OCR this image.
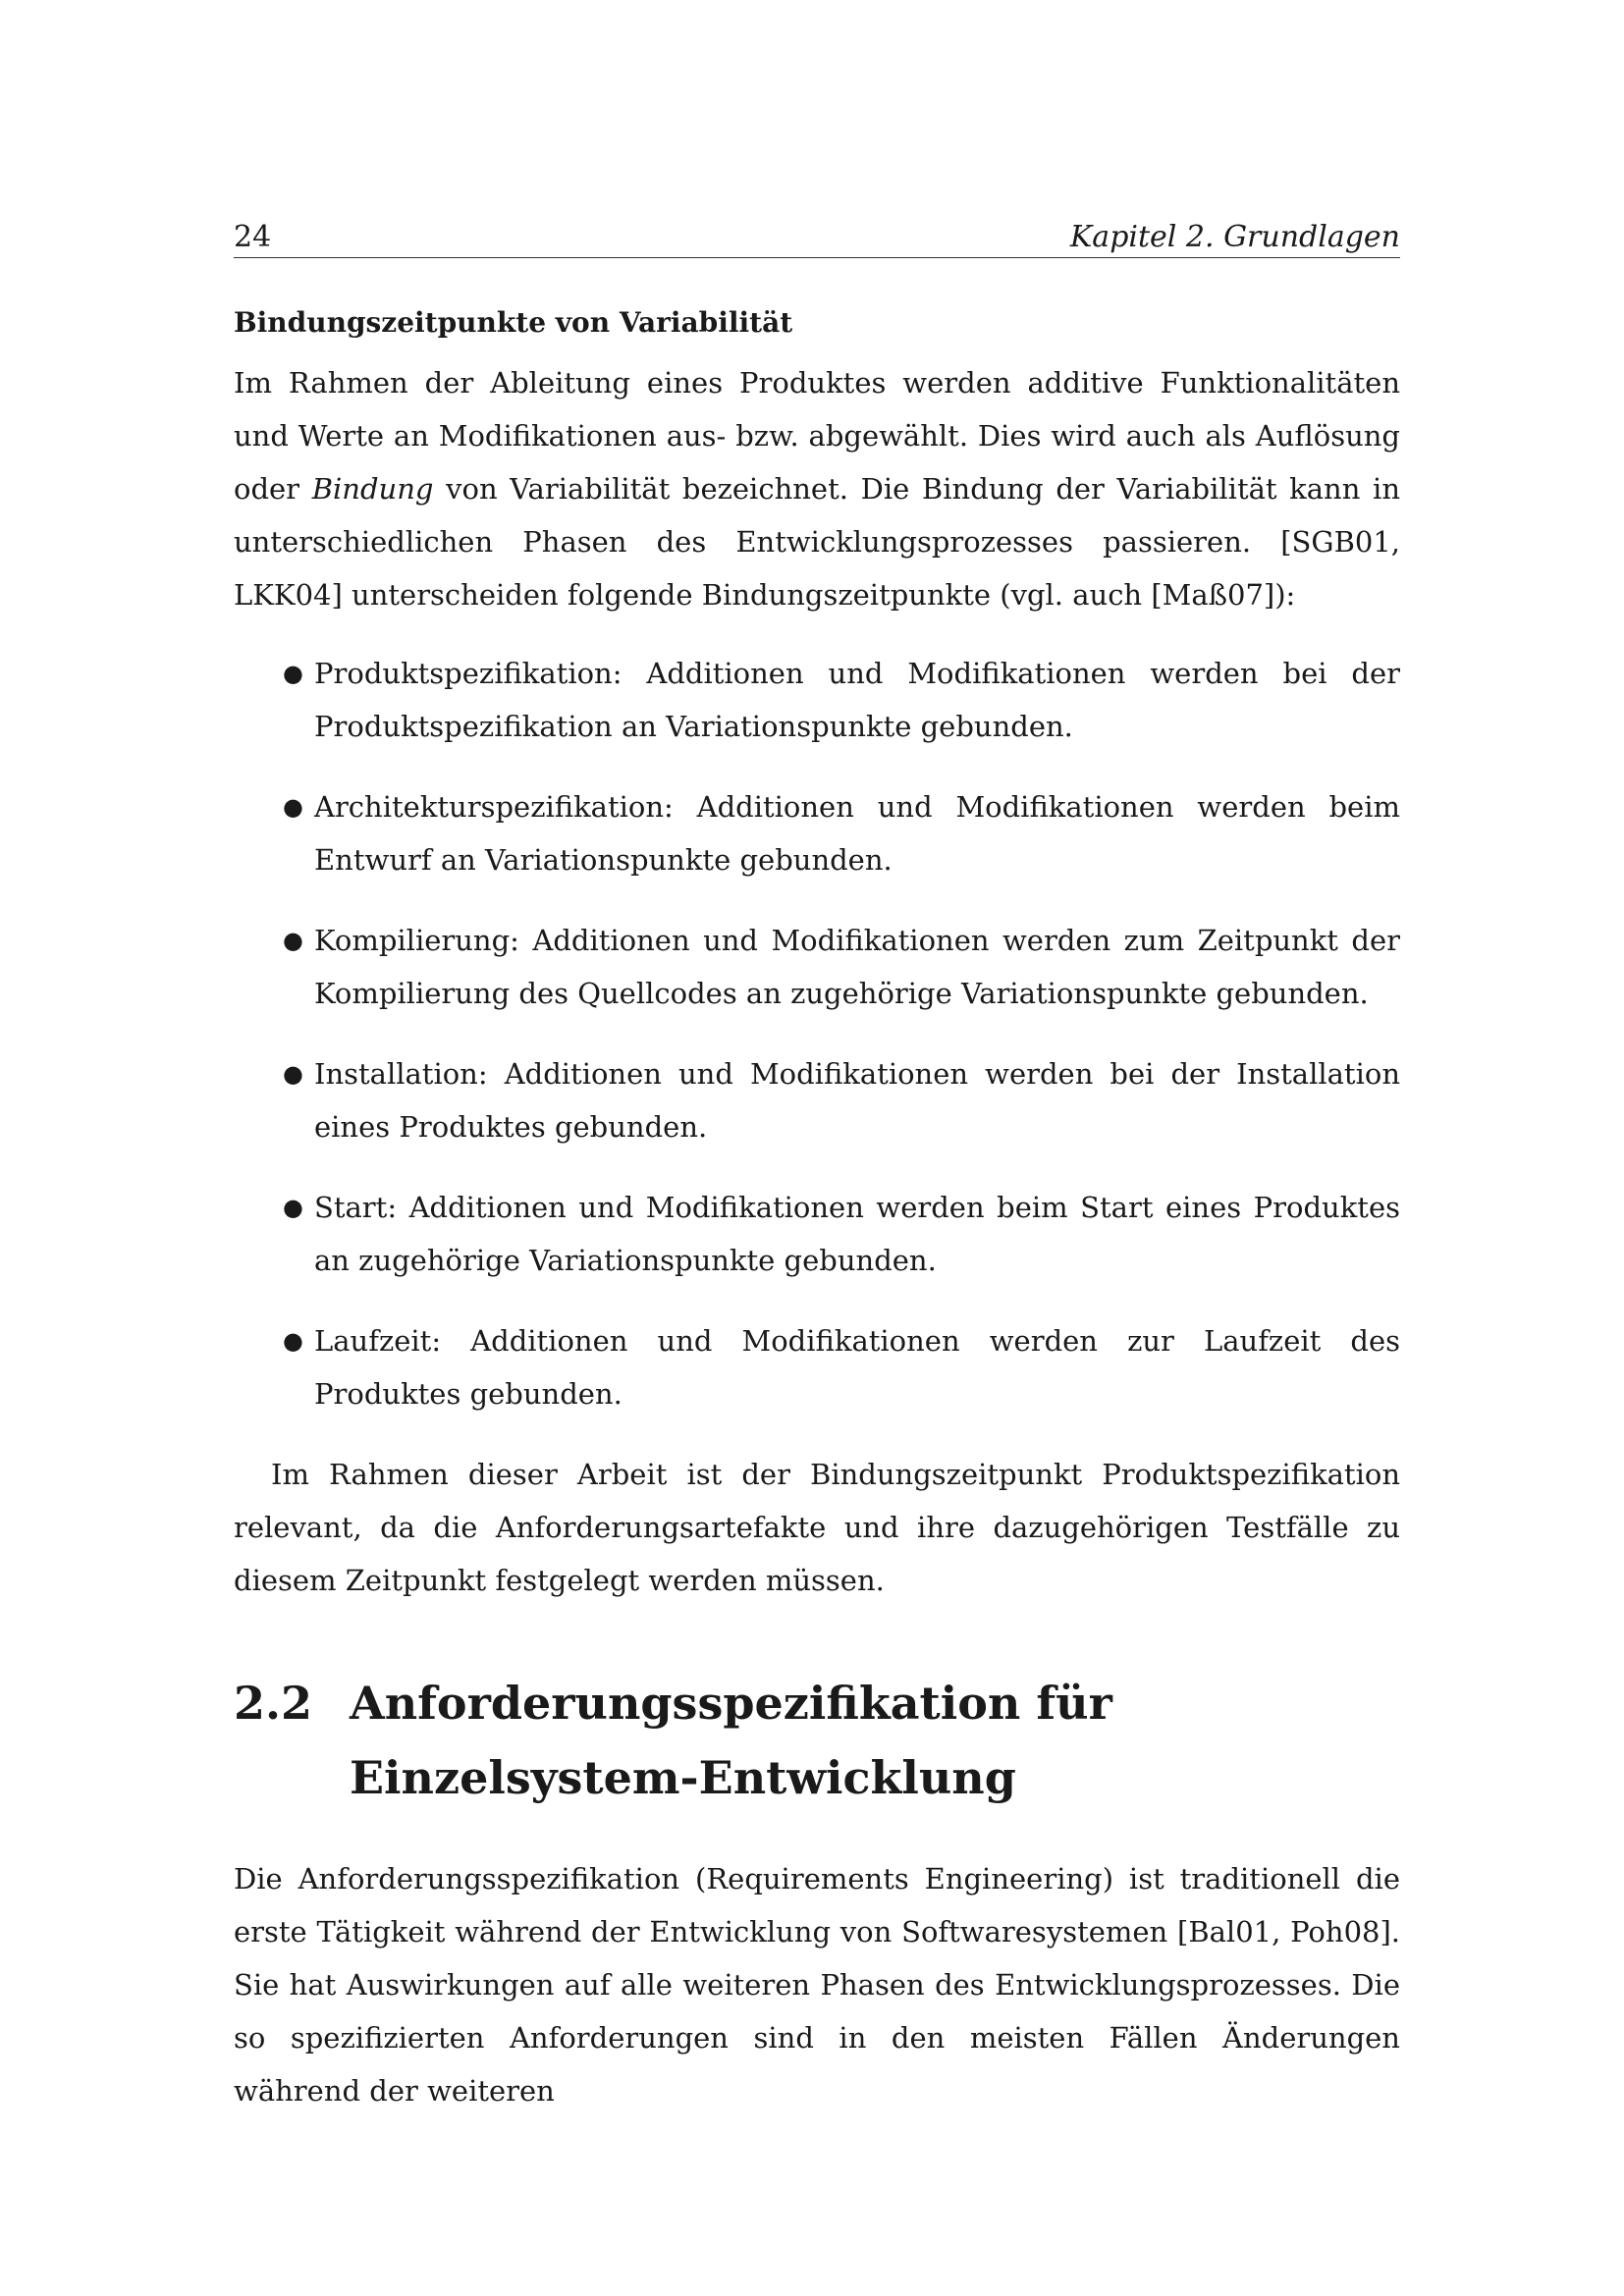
24	Kapitel 2. Grundlagen
Bindungszeitpunkte von Variabilität

Im Rahmen der Ableitung eines Produktes werden additive Funktionalitäten und Werte an Modifikationen aus- bzw. abgewählt. Dies wird auch als Auflösung oder Bindung von Variabilität bezeichnet. Die Bindung der Variabilität kann in unterschiedlichen Phasen des Entwicklungsprozesses passieren. [SGB01, LKK04] unterscheiden folgende Bindungszeitpunkte (vgl. auch [Maß07]):

● Produktspezifikation: Additionen und Modifikationen werden bei der Produktspezifikation an Variationspunkte gebunden.
● Architekturspezifikation: Additionen und Modifikationen werden beim Entwurf an Variationspunkte gebunden.
● Kompilierung: Additionen und Modifikationen werden zum Zeitpunkt der Kompilierung des Quellcodes an zugehörige Variationspunkte gebunden.
● Installation: Additionen und Modifikationen werden bei der Installation eines Produktes gebunden.
● Start: Additionen und Modifikationen werden beim Start eines Produktes an zugehörige Variationspunkte gebunden.
● Laufzeit: Additionen und Modifikationen werden zur Laufzeit des Produktes gebunden.

Im Rahmen dieser Arbeit ist der Bindungszeitpunkt Produktspezifikation relevant, da die Anforderungsartefakte und ihre dazugehörigen Testfälle zu diesem Zeitpunkt festgelegt werden müssen.

2.2 Anforderungsspezifikation für Einzelsystem-Entwicklung

Die Anforderungsspezifikation (Requirements Engineering) ist traditionell die erste Tätigkeit während der Entwicklung von Softwaresystemen [Bal01, Poh08]. Sie hat Auswirkungen auf alle weiteren Phasen des Entwicklungsprozesses. Die so spezifizierten Anforderungen sind in den meisten Fällen Änderungen während der weiteren
